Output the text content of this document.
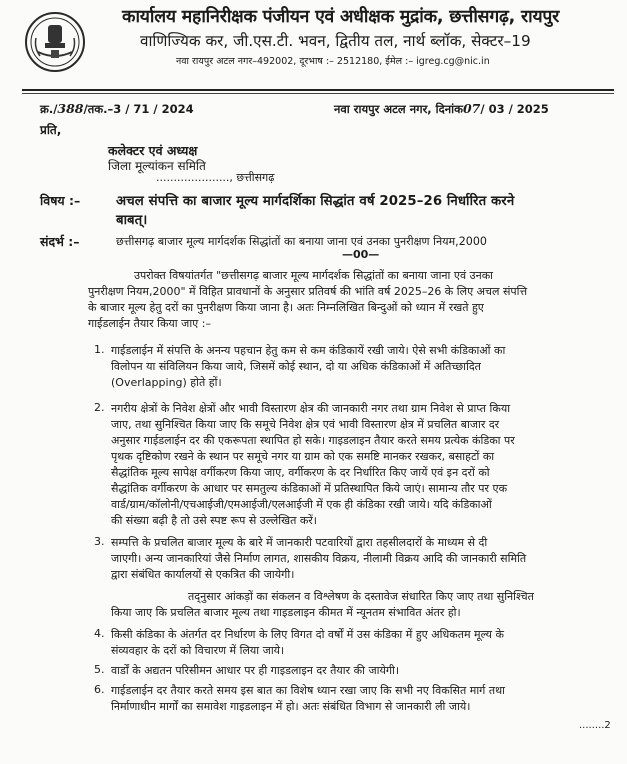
कार्यालय महानिरीक्षक पंजीयन एवं अधीक्षक मुद्रांक, छत्तीसगढ़, रायपुर
वाणिज्यिक कर, जी.एस.टी. भवन, द्वितीय तल, नार्थ ब्लॉक, सेक्टर–19
नवा रायपुर अटल नगर–492002, दूरभाष :– 2512180, ईमेल :– igreg.cg@nic.in
क्र./388/तक.–3 / 71 / 2024	नवा रायपुर अटल नगर, दिनांक07/ 03 / 2025
प्रति,
कलेक्टर एवं अध्यक्ष
जिला मूल्यांकन समिति
....................., छत्तीसगढ़
विषय :–	अचल संपत्ति का बाजार मूल्य मार्गदर्शिका सिद्धांत वर्ष 2025–26 निर्धारित करने
बाबत्।
संदर्भ :–	छत्तीसगढ़ बाजार मूल्य मार्गदर्शक सिद्धांतों का बनाया जाना एवं उनका पुनरीक्षण नियम,2000
—00—
उपरोक्त विषयांतर्गत "छत्तीसगढ़ बाजार मूल्य मार्गदर्शक सिद्धांतों का बनाया जाना एवं उनका
पुनरीक्षण नियम,2000" में विहित प्रावधानों के अनुसार प्रतिवर्ष की भांति वर्ष 2025–26 के लिए अचल संपत्ति
के बाजार मूल्य हेतु दरों का पुनरीक्षण किया जाना है। अतः निम्नलिखित बिन्दुओं को ध्यान में रखते हुए
गाईडलाईन तैयार किया जाए :–
1. गाईडलाईन में संपत्ति के अनन्य पहचान हेतु कम से कम कंडिकायें रखी जाये। ऐसे सभी कंडिकाओं का
विलोपन या संविलियन किया जाये, जिसमें कोई स्थान, दो या अधिक कंडिकाओं में अतिच्छादित
(Overlapping) होते हों।
2. नगरीय क्षेत्रों के निवेश क्षेत्रों और भावी विस्तारण क्षेत्र की जानकारी नगर तथा ग्राम निवेश से प्राप्त किया
जाए, तथा सुनिश्चित किया जाए कि समूचे निवेश क्षेत्र एवं भावी विस्तारण क्षेत्र में प्रचलित बाजार दर
अनुसार गाईडलाईन दर की एकरूपता स्थापित हो सके। गाइडलाइन तैयार करते समय प्रत्येक कंडिका पर
पृथक दृष्टिकोण रखने के स्थान पर समूचे नगर या ग्राम को एक समष्टि मानकर रखकर, बसाहटों का
सैद्धांतिक मूल्य सापेक्ष वर्गीकरण किया जाए, वर्गीकरण के दर निर्धारित किए जायें एवं इन दरों को
सैद्धांतिक वर्गीकरण के आधार पर समतुल्य कंडिकाओं में प्रतिस्थापित किये जाएं। सामान्य तौर पर एक
वार्ड/ग्राम/कॉलोनी/एचआईजी/एमआईजी/एलआईजी में एक ही कंडिका रखी जाये। यदि कंडिकाओं
की संख्या बढ़ी है तो उसे स्पष्ट रूप से उल्लेखित करें।
3. सम्पत्ति के प्रचलित बाजार मूल्य के बारे में जानकारी पटवारियों द्वारा तहसीलदारों के माध्यम से दी
जाएगी। अन्य जानकारियां जैसे निर्माण लागत, शासकीय विक्रय, नीलामी विक्रय आदि की जानकारी समिति
द्वारा संबंधित कार्यालयों से एकत्रित की जायेगी।
तद्नुसार आंकड़ों का संकलन व विश्लेषण के दस्तावेज संधारित किए जाए तथा सुनिश्चित
किया जाए कि प्रचलित बाजार मूल्य तथा गाइडलाइन कीमत में न्यूनतम संभावित अंतर हो।
4. किसी कंडिका के अंतर्गत दर निर्धारण के लिए विगत दो वर्षों में उस कंडिका में हुए अधिकतम मूल्य के
संव्यवहार के दरों को विचारण में लिया जाये।
5. वार्डों के अद्यतन परिसीमन आधार पर ही गाइडलाइन दर तैयार की जायेगी।
6. गाईडलाईन दर तैयार करते समय इस बात का विशेष ध्यान रखा जाए कि सभी नए विकसित मार्ग तथा
निर्माणाधीन मार्गों का समावेश गाइडलाइन में हो। अतः संबंधित विभाग से जानकारी ली जाये।
........2
